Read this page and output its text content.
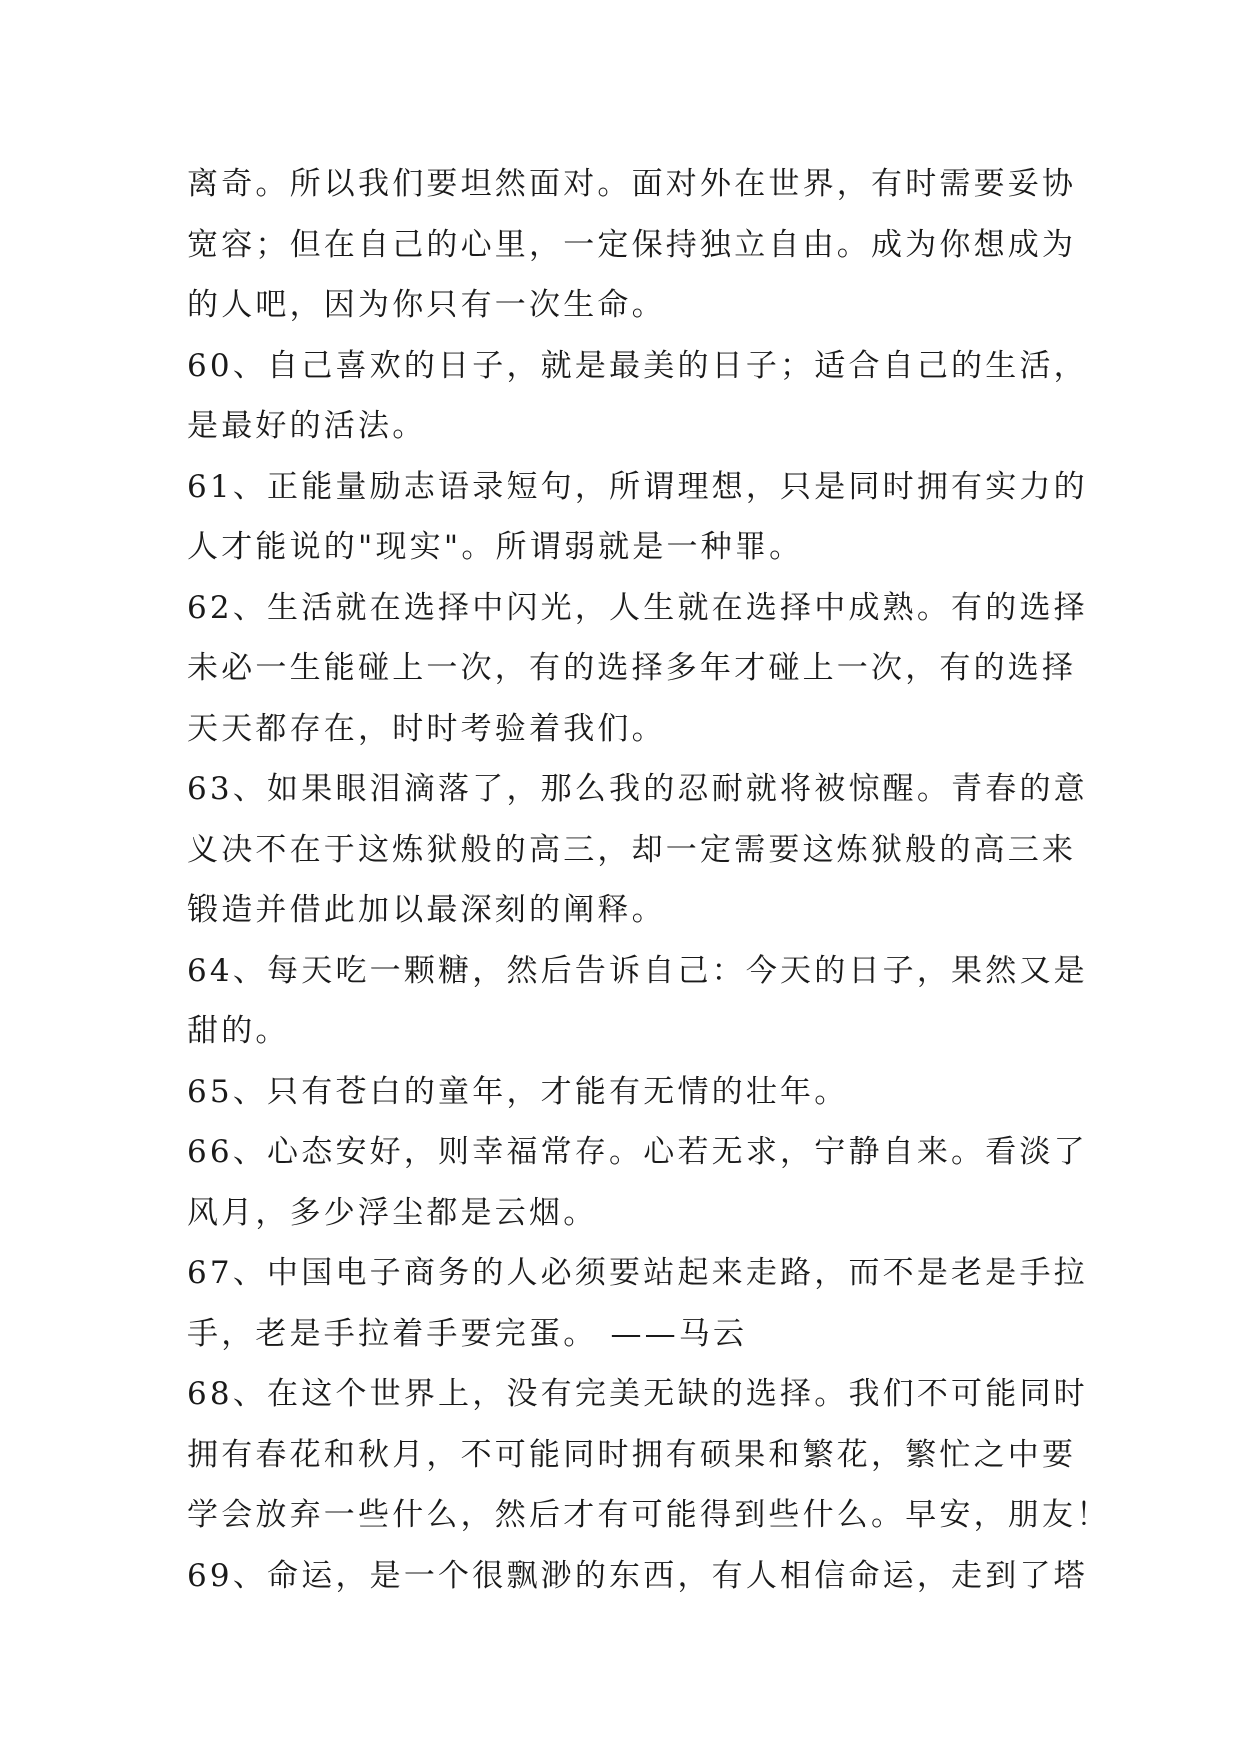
离奇。所以我们要坦然面对。面对外在世界，有时需要妥协
宽容；但在自己的心里，一定保持独立自由。成为你想成为
的人吧，因为你只有一次生命。
60、自己喜欢的日子，就是最美的日子；适合自己的生活，
是最好的活法。
61、正能量励志语录短句，所谓理想，只是同时拥有实力的
人才能说的"现实"。所谓弱就是一种罪。
62、生活就在选择中闪光，人生就在选择中成熟。有的选择
未必一生能碰上一次，有的选择多年才碰上一次，有的选择
天天都存在，时时考验着我们。
63、如果眼泪滴落了，那么我的忍耐就将被惊醒。青春的意
义决不在于这炼狱般的高三，却一定需要这炼狱般的高三来
锻造并借此加以最深刻的阐释。
64、每天吃一颗糖，然后告诉自己：今天的日子，果然又是
甜的。
65、只有苍白的童年，才能有无情的壮年。
66、心态安好，则幸福常存。心若无求，宁静自来。看淡了
风月，多少浮尘都是云烟。
67、中国电子商务的人必须要站起来走路，而不是老是手拉
手，老是手拉着手要完蛋。 ——马云
68、在这个世界上，没有完美无缺的选择。我们不可能同时
拥有春花和秋月，不可能同时拥有硕果和繁花，繁忙之中要
学会放弃一些什么，然后才有可能得到些什么。早安，朋友！
69、命运，是一个很飘渺的东西，有人相信命运，走到了塔
